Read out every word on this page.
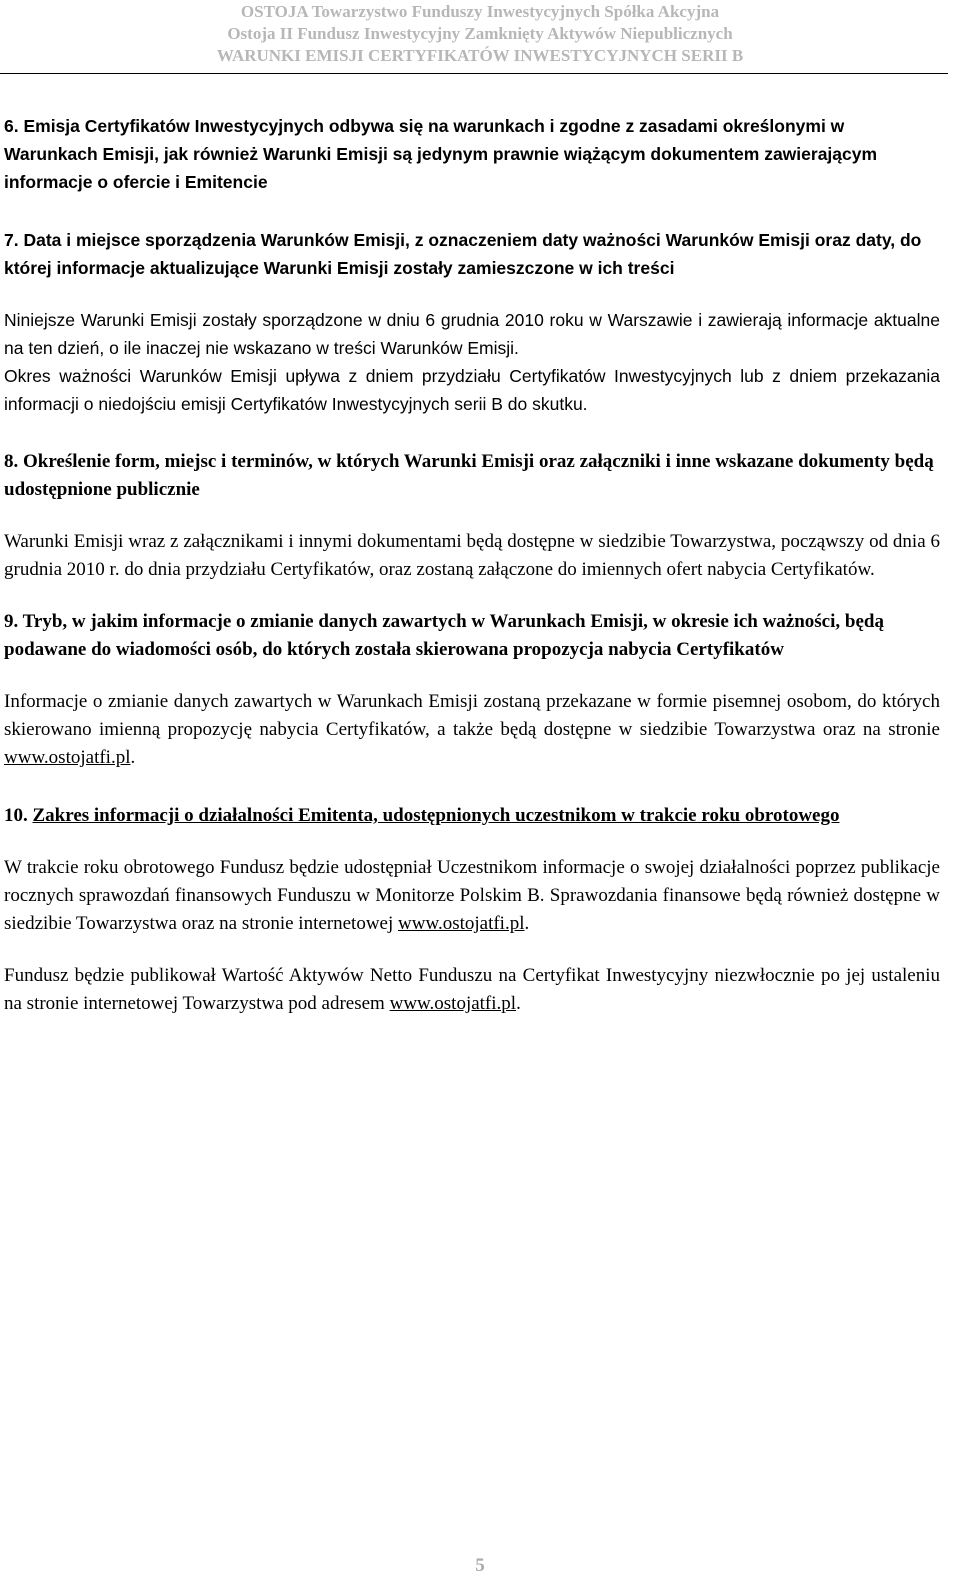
OSTOJA Towarzystwo Funduszy Inwestycyjnych Spółka Akcyjna
Ostoja II Fundusz Inwestycyjny Zamknięty Aktywów Niepublicznych
WARUNKI EMISJI CERTYFIKATÓW INWESTYCYJNYCH SERII B

6. Emisja Certyfikatów Inwestycyjnych odbywa się na warunkach i zgodne z zasadami określonymi w Warunkach Emisji, jak również Warunki Emisji są jedynym prawnie wiążącym dokumentem zawierającym informacje o ofercie i Emitencie

7. Data i miejsce sporządzenia Warunków Emisji, z oznaczeniem daty ważności Warunków Emisji oraz daty, do której informacje aktualizujące Warunki Emisji zostały zamieszczone w ich treści

Niniejsze Warunki Emisji zostały sporządzone w dniu 6 grudnia 2010 roku w Warszawie i zawierają informacje aktualne na ten dzień, o ile inaczej nie wskazano w treści Warunków Emisji.

Okres ważności Warunków Emisji upływa z dniem przydziału Certyfikatów Inwestycyjnych lub z dniem przekazania informacji o niedojściu emisji Certyfikatów Inwestycyjnych serii B do skutku.

8. Określenie form, miejsc i terminów, w których Warunki Emisji oraz załączniki i inne wskazane dokumenty będą udostępnione publicznie

Warunki Emisji wraz z załącznikami i innymi dokumentami będą dostępne w siedzibie Towarzystwa, począwszy od dnia 6 grudnia 2010 r. do dnia przydziału Certyfikatów, oraz zostaną załączone do imiennych ofert nabycia Certyfikatów.

9. Tryb, w jakim informacje o zmianie danych zawartych w Warunkach Emisji, w okresie ich ważności, będą podawane do wiadomości osób, do których została skierowana propozycja nabycia Certyfikatów

Informacje o zmianie danych zawartych w Warunkach Emisji zostaną przekazane w formie pisemnej osobom, do których skierowano imienną propozycję nabycia Certyfikatów, a także będą dostępne w siedzibie Towarzystwa oraz na stronie www.ostojatfi.pl.

10. Zakres informacji o działalności Emitenta, udostępnionych uczestnikom w trakcie roku obrotowego

W trakcie roku obrotowego Fundusz będzie udostępniał Uczestnikom informacje o swojej działalności poprzez publikacje rocznych sprawozdań finansowych Funduszu w Monitorze Polskim B. Sprawozdania finansowe będą również dostępne w siedzibie Towarzystwa oraz na stronie internetowej www.ostojatfi.pl.

Fundusz będzie publikował Wartość Aktywów Netto Funduszu na Certyfikat Inwestycyjny niezwłocznie po jej ustaleniu na stronie internetowej Towarzystwa pod adresem www.ostojatfi.pl.

5
